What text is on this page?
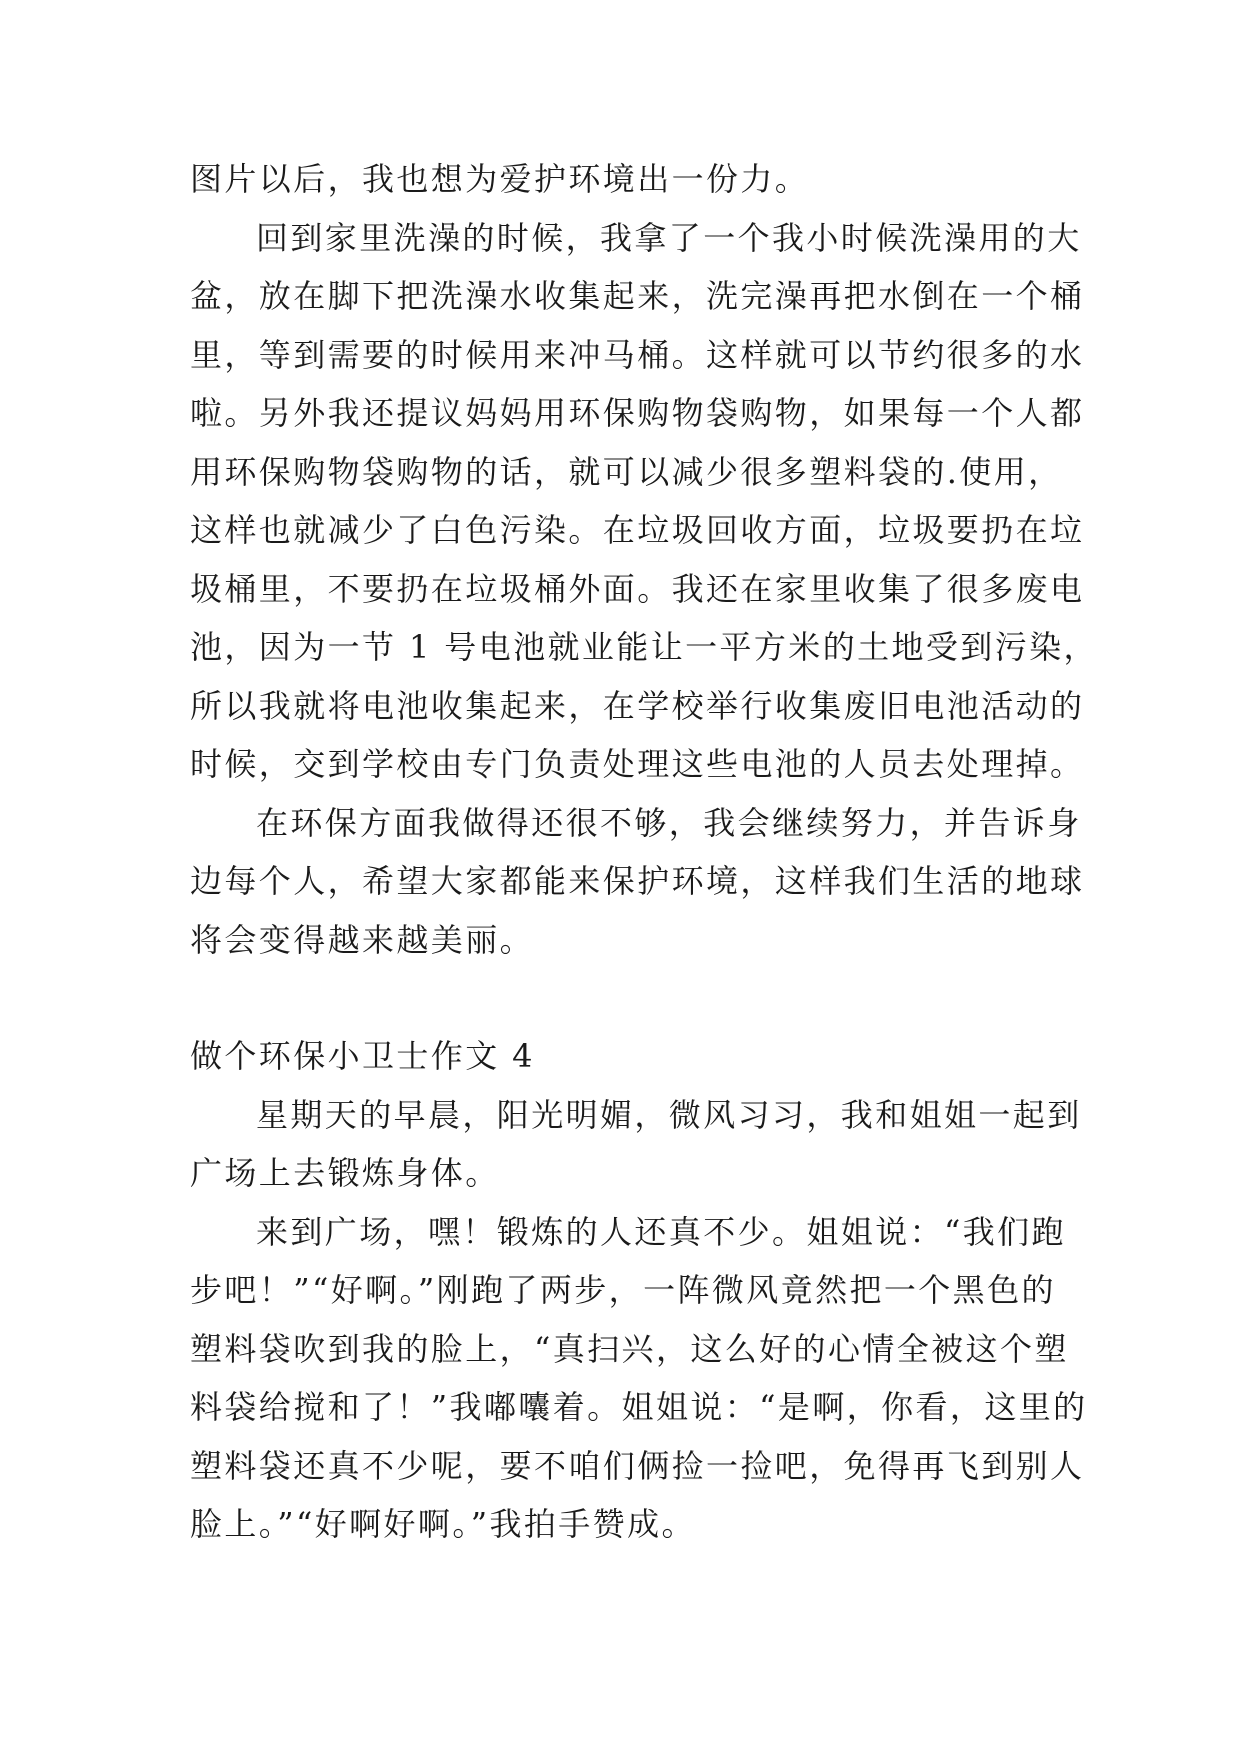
图片以后，我也想为爱护环境出一份力。
回到家里洗澡的时候，我拿了一个我小时候洗澡用的大
盆，放在脚下把洗澡水收集起来，洗完澡再把水倒在一个桶
里，等到需要的时候用来冲马桶。这样就可以节约很多的水
啦。另外我还提议妈妈用环保购物袋购物，如果每一个人都
用环保购物袋购物的话，就可以减少很多塑料袋的.使用，
这样也就减少了白色污染。在垃圾回收方面，垃圾要扔在垃
圾桶里，不要扔在垃圾桶外面。我还在家里收集了很多废电
池，因为一节 1 号电池就业能让一平方米的土地受到污染，
所以我就将电池收集起来，在学校举行收集废旧电池活动的
时候，交到学校由专门负责处理这些电池的人员去处理掉。
在环保方面我做得还很不够，我会继续努力，并告诉身
边每个人，希望大家都能来保护环境，这样我们生活的地球
将会变得越来越美丽。
做个环保小卫士作文 4
星期天的早晨，阳光明媚，微风习习，我和姐姐一起到
广场上去锻炼身体。
来到广场，嘿！锻炼的人还真不少。姐姐说：“我们跑
步吧！”“好啊。”刚跑了两步，一阵微风竟然把一个黑色的
塑料袋吹到我的脸上，“真扫兴，这么好的心情全被这个塑
料袋给搅和了！”我嘟囔着。姐姐说：“是啊，你看，这里的
塑料袋还真不少呢，要不咱们俩捡一捡吧，免得再飞到别人
脸上。”“好啊好啊。”我拍手赞成。
